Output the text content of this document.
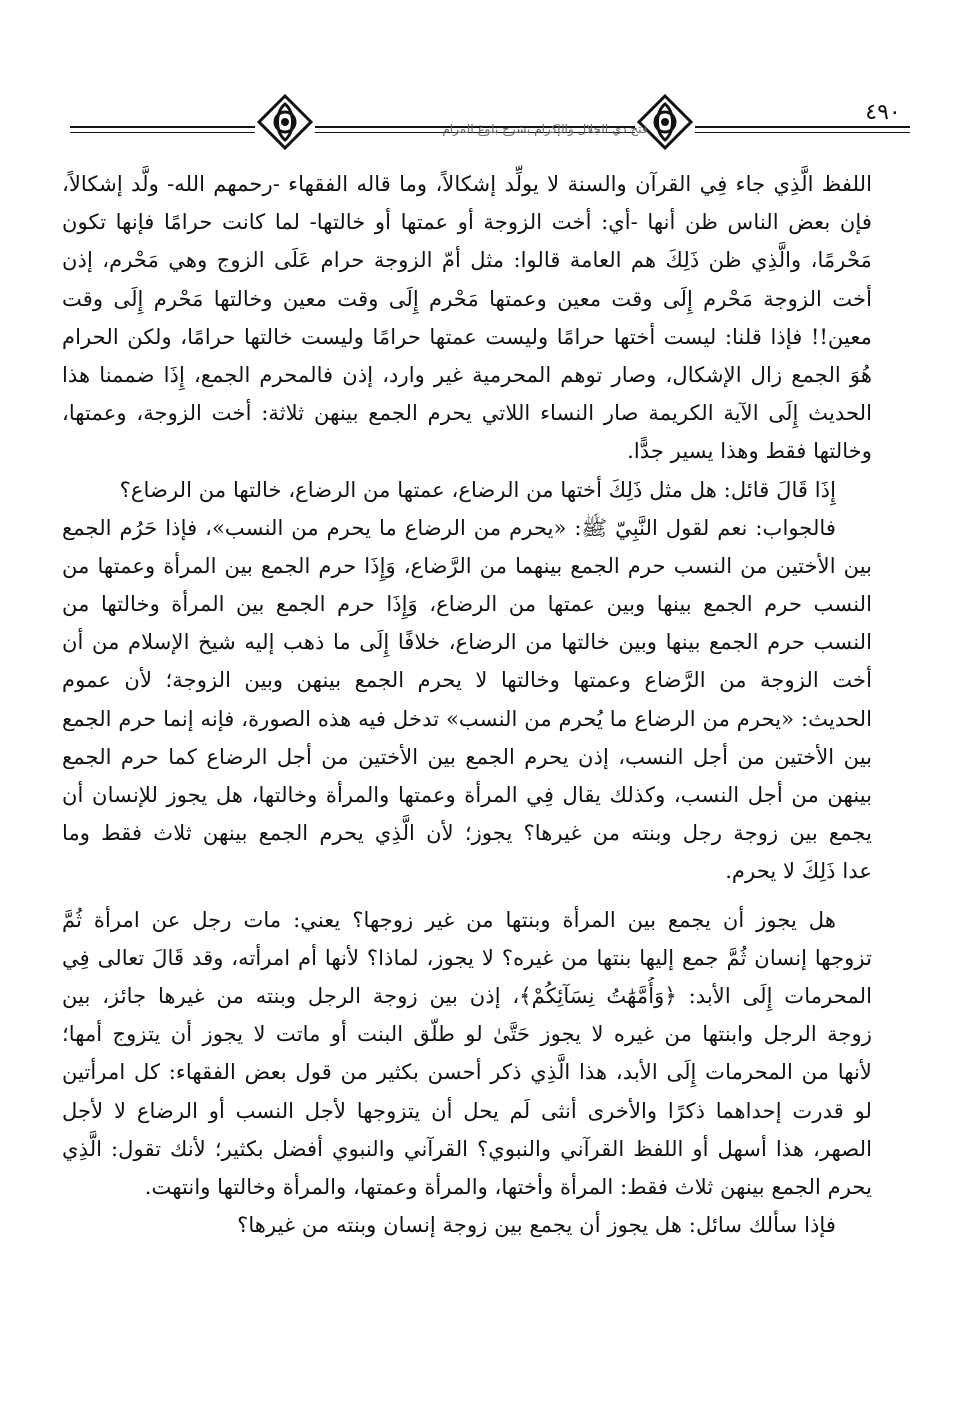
فتح ذي الجلال والإكرام بشرح بلوغ المرام
٤٩٠
اللفظ الَّذِي جاء فِي القرآن والسنة لا يولِّد إشكالاً، وما قاله الفقهاء -رحمهم الله- ولَّد إشكالاً،
فإن بعض الناس ظن أنها -أي: أخت الزوجة أو عمتها أو خالتها- لما كانت حرامًا فإنها تكون
مَحْرمًا، والَّذِي ظن ذَلِكَ هم العامة قالوا: مثل أمّ الزوجة حرام عَلَى الزوج وهي مَحْرم، إذن
أخت الزوجة مَحْرم إِلَى وقت معين وعمتها مَحْرم إِلَى وقت معين وخالتها مَحْرم إِلَى وقت
معين!! فإذا قلنا: ليست أختها حرامًا وليست عمتها حرامًا وليست خالتها حرامًا، ولكن الحرام
هُوَ الجمع زال الإشكال، وصار توهم المحرمية غير وارد، إذن فالمحرم الجمع، إِذَا ضممنا هذا
الحديث إِلَى الآية الكريمة صار النساء اللاتي يحرم الجمع بينهن ثلاثة: أخت الزوجة، وعمتها،
وخالتها فقط وهذا يسير جدًّا.
إِذَا قَالَ قائل: هل مثل ذَلِكَ أختها من الرضاع، عمتها من الرضاع، خالتها من الرضاع؟
فالجواب: نعم لقول النَّبِيّ ﷺ: «يحرم من الرضاع ما يحرم من النسب»، فإذا حَرُم الجمع
بين الأختين من النسب حرم الجمع بينهما من الرَّضاع، وَإِذَا حرم الجمع بين المرأة وعمتها من
النسب حرم الجمع بينها وبين عمتها من الرضاع، وَإِذَا حرم الجمع بين المرأة وخالتها من
النسب حرم الجمع بينها وبين خالتها من الرضاع، خلافًا إِلَى ما ذهب إليه شيخ الإسلام من أن
أخت الزوجة من الرَّضاع وعمتها وخالتها لا يحرم الجمع بينهن وبين الزوجة؛ لأن عموم
الحديث: «يحرم من الرضاع ما يُحرم من النسب» تدخل فيه هذه الصورة، فإنه إنما حرم الجمع
بين الأختين من أجل النسب، إذن يحرم الجمع بين الأختين من أجل الرضاع كما حرم الجمع
بينهن من أجل النسب، وكذلك يقال فِي المرأة وعمتها والمرأة وخالتها، هل يجوز للإنسان أن
يجمع بين زوجة رجل وبنته من غيرها؟ يجوز؛ لأن الَّذِي يحرم الجمع بينهن ثلاث فقط وما
عدا ذَلِكَ لا يحرم.
هل يجوز أن يجمع بين المرأة وبنتها من غير زوجها؟ يعني: مات رجل عن امرأة ثُمَّ
تزوجها إنسان ثُمَّ جمع إليها بنتها من غيره؟ لا يجوز، لماذا؟ لأنها أم امرأته، وقد قَالَ تعالى فِي
المحرمات إِلَى الأبد: ﴿وَأُمَّهَٰتُ نِسَآئِكُمْ﴾، إذن بين زوجة الرجل وبنته من غيرها جائز، بين
زوجة الرجل وابنتها من غيره لا يجوز حَتَّىٰ لو طلّق البنت أو ماتت لا يجوز أن يتزوج أمها؛
لأنها من المحرمات إِلَى الأبد، هذا الَّذِي ذكر أحسن بكثير من قول بعض الفقهاء: كل امرأتين
لو قدرت إحداهما ذكرًا والأخرى أنثى لَم يحل أن يتزوجها لأجل النسب أو الرضاع لا لأجل
الصهر، هذا أسهل أو اللفظ القرآني والنبوي؟ القرآني والنبوي أفضل بكثير؛ لأنك تقول: الَّذِي
يحرم الجمع بينهن ثلاث فقط: المرأة وأختها، والمرأة وعمتها، والمرأة وخالتها وانتهت.
فإذا سألك سائل: هل يجوز أن يجمع بين زوجة إنسان وبنته من غيرها؟
